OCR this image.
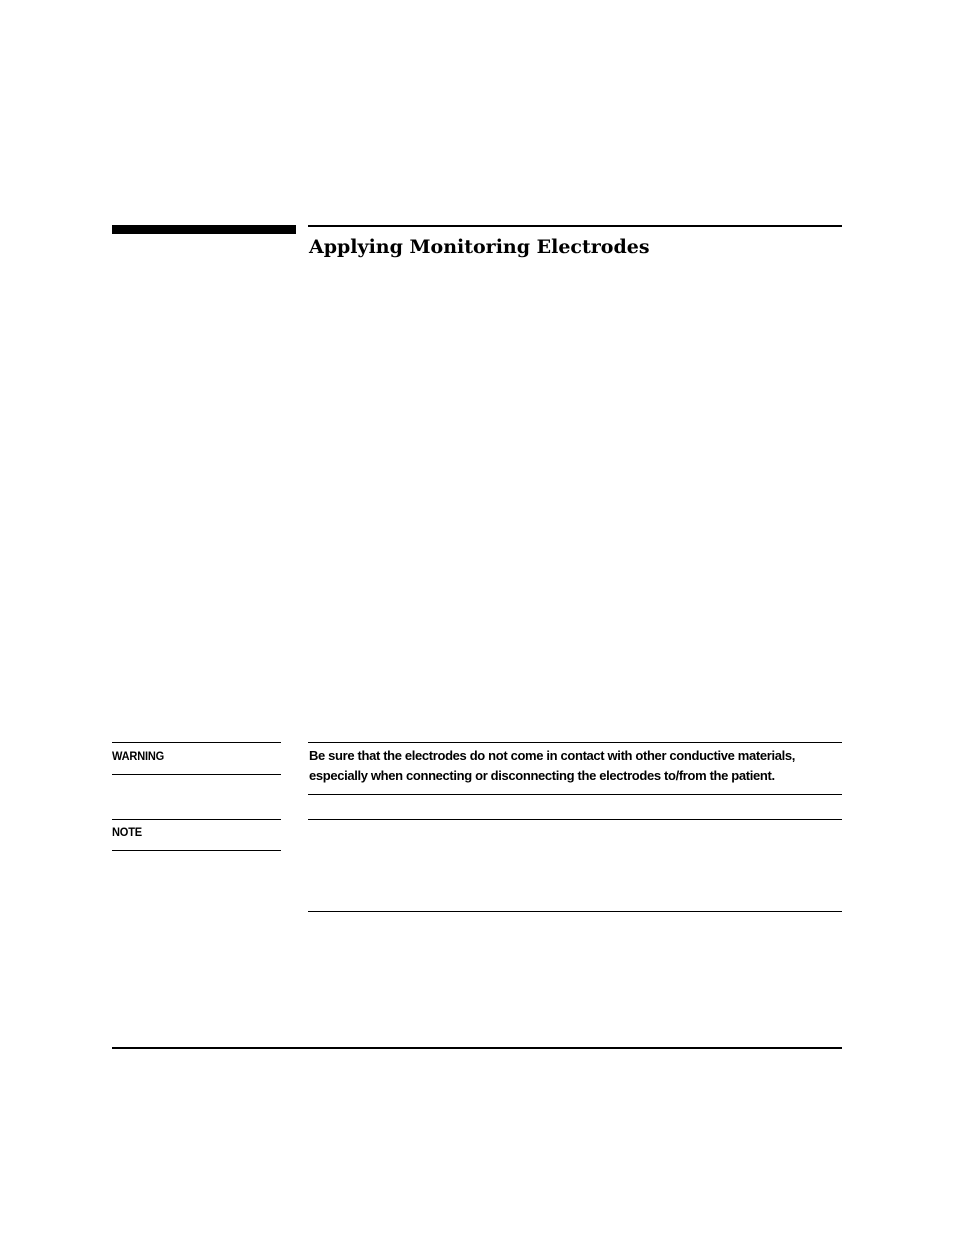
Applying Monitoring Electrodes
WARNING	Be sure that the electrodes do not come in contact with other conductive materials, especially when connecting or disconnecting the electrodes to/from the patient.

NOTE
